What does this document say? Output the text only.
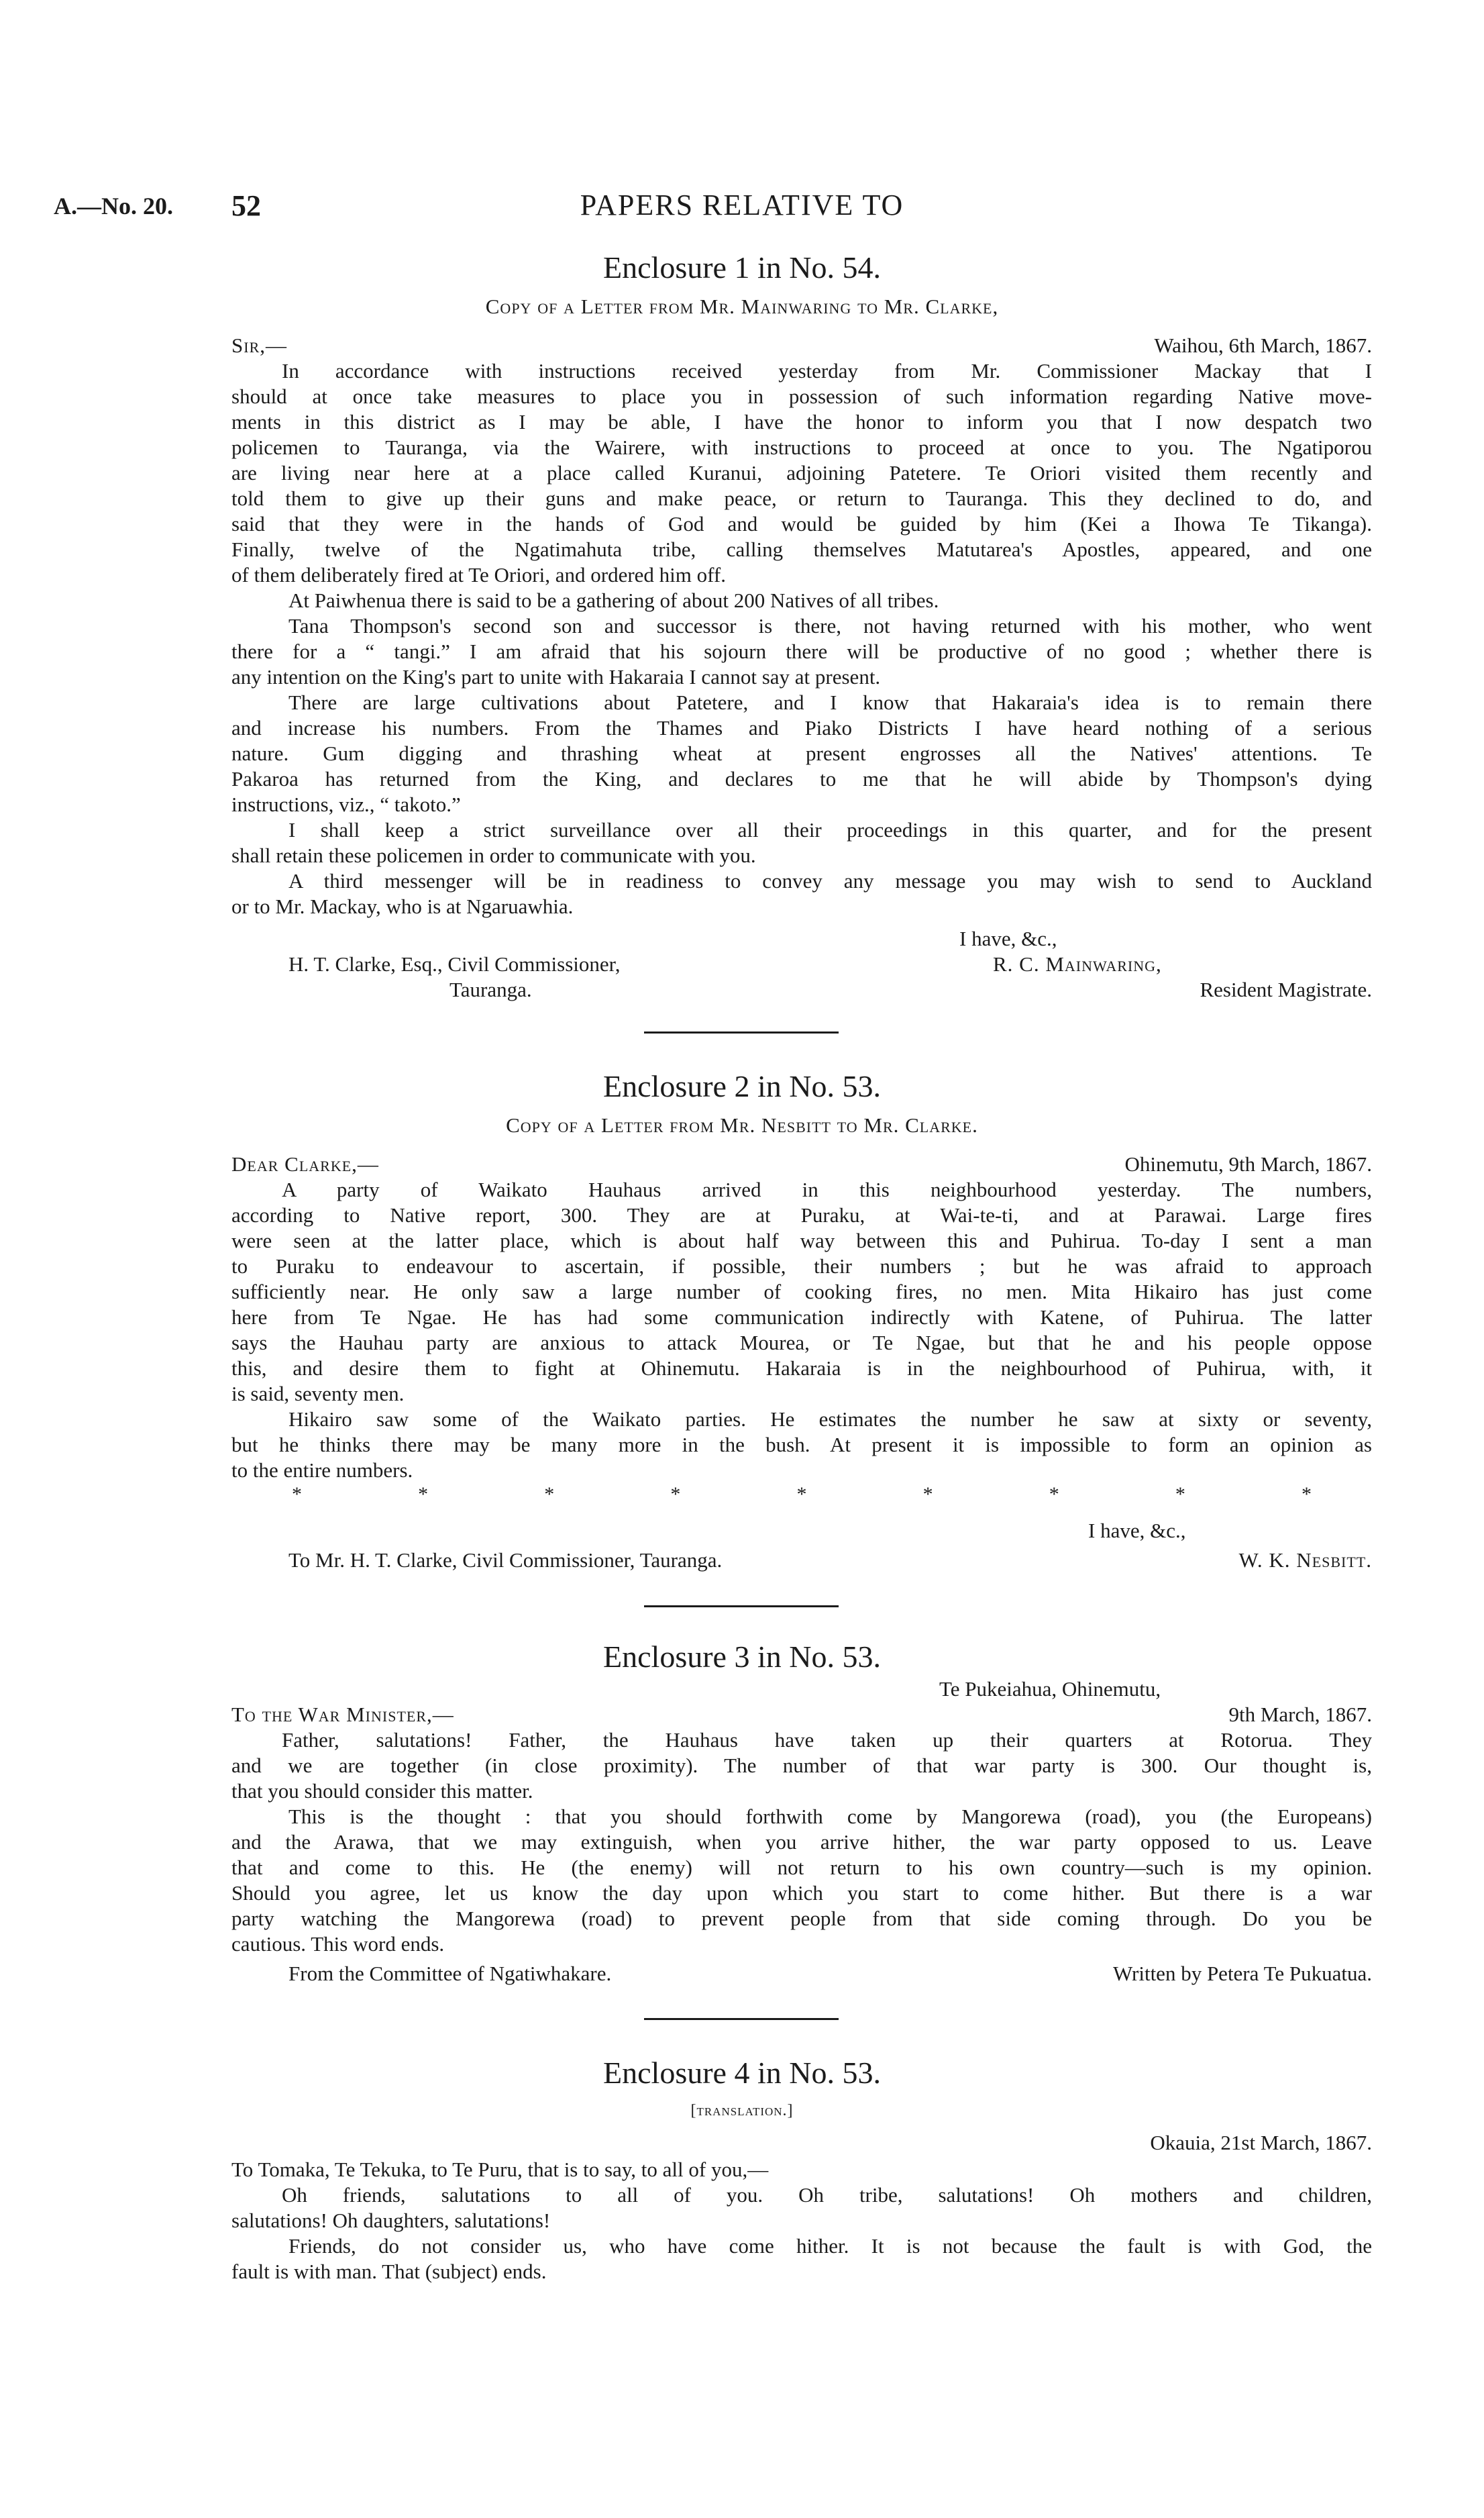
A.—No. 20. 52	PAPERS RELATIVE TO
Enclosure 1 in No. 54.
Copy of a Letter from Mr. Mainwaring to Mr. Clarke,
Sir,—	Waihou, 6th March, 1867.
In accordance with instructions received yesterday from Mr. Commissioner Mackay that I
should at once take measures to place you in possession of such information regarding Native move-
ments in this district as I may be able, I have the honor to inform you that I now despatch two
policemen to Tauranga, via the Wairere, with instructions to proceed at once to you. The Ngatiporou
are living near here at a place called Kuranui, adjoining Patetere. Te Oriori visited them recently and
told them to give up their guns and make peace, or return to Tauranga. This they declined to do, and
said that they were in the hands of God and would be guided by him (Kei a Ihowa Te Tikanga).
Finally, twelve of the Ngatimahuta tribe, calling themselves Matutarea's Apostles, appeared, and one
of them deliberately fired at Te Oriori, and ordered him off.
At Paiwhenua there is said to be a gathering of about 200 Natives of all tribes.
Tana Thompson's second son and successor is there, not having returned with his mother, who went
there for a “ tangi.” I am afraid that his sojourn there will be productive of no good ; whether there is
any intention on the King's part to unite with Hakaraia I cannot say at present.
There are large cultivations about Patetere, and I know that Hakaraia's idea is to remain there
and increase his numbers. From the Thames and Piako Districts I have heard nothing of a serious
nature. Gum digging and thrashing wheat at present engrosses all the Natives' attentions. Te
Pakaroa has returned from the King, and declares to me that he will abide by Thompson's dying
instructions, viz., “ takoto.”
I shall keep a strict surveillance over all their proceedings in this quarter, and for the present
shall retain these policemen in order to communicate with you.
A third messenger will be in readiness to convey any message you may wish to send to Auckland
or to Mr. Mackay, who is at Ngaruawhia.
I have, &c.,
H. T. Clarke, Esq., Civil Commissioner,	R. C. Mainwaring,
Tauranga.	Resident Magistrate.
Enclosure 2 in No. 53.
Copy of a Letter from Mr. Nesbitt to Mr. Clarke.
Dear Clarke,—	Ohinemutu, 9th March, 1867.
A party of Waikato Hauhaus arrived in this neighbourhood yesterday. The numbers,
according to Native report, 300. They are at Puraku, at Wai-te-ti, and at Parawai. Large fires
were seen at the latter place, which is about half way between this and Puhirua. To-day I sent a man
to Puraku to endeavour to ascertain, if possible, their numbers ; but he was afraid to approach
sufficiently near. He only saw a large number of cooking fires, no men. Mita Hikairo has just come
here from Te Ngae. He has had some communication indirectly with Katene, of Puhirua. The latter
says the Hauhau party are anxious to attack Mourea, or Te Ngae, but that he and his people oppose
this, and desire them to fight at Ohinemutu. Hakaraia is in the neighbourhood of Puhirua, with, it
is said, seventy men.
Hikairo saw some of the Waikato parties. He estimates the number he saw at sixty or seventy,
but he thinks there may be many more in the bush. At present it is impossible to form an opinion as
to the entire numbers.
*	*	*	*	*	*	*	*	*
I have, &c.,
To Mr. H. T. Clarke, Civil Commissioner, Tauranga.	W. K. Nesbitt.
Enclosure 3 in No. 53.
Te Pukeiahua, Ohinemutu,
To the War Minister,—	9th March, 1867.
Father, salutations! Father, the Hauhaus have taken up their quarters at Rotorua. They
and we are together (in close proximity). The number of that war party is 300. Our thought is,
that you should consider this matter.
This is the thought : that you should forthwith come by Mangorewa (road), you (the Europeans)
and the Arawa, that we may extinguish, when you arrive hither, the war party opposed to us. Leave
that and come to this. He (the enemy) will not return to his own country—such is my opinion.
Should you agree, let us know the day upon which you start to come hither. But there is a war
party watching the Mangorewa (road) to prevent people from that side coming through. Do you be
cautious. This word ends.
From the Committee of Ngatiwhakare.	Written by Petera Te Pukuatua.
Enclosure 4 in No. 53.
[translation.]
Okauia, 21st March, 1867.
To Tomaka, Te Tekuka, to Te Puru, that is to say, to all of you,—
Oh friends, salutations to all of you. Oh tribe, salutations! Oh mothers and children,
salutations! Oh daughters, salutations!
Friends, do not consider us, who have come hither. It is not because the fault is with God, the
fault is with man. That (subject) ends.
